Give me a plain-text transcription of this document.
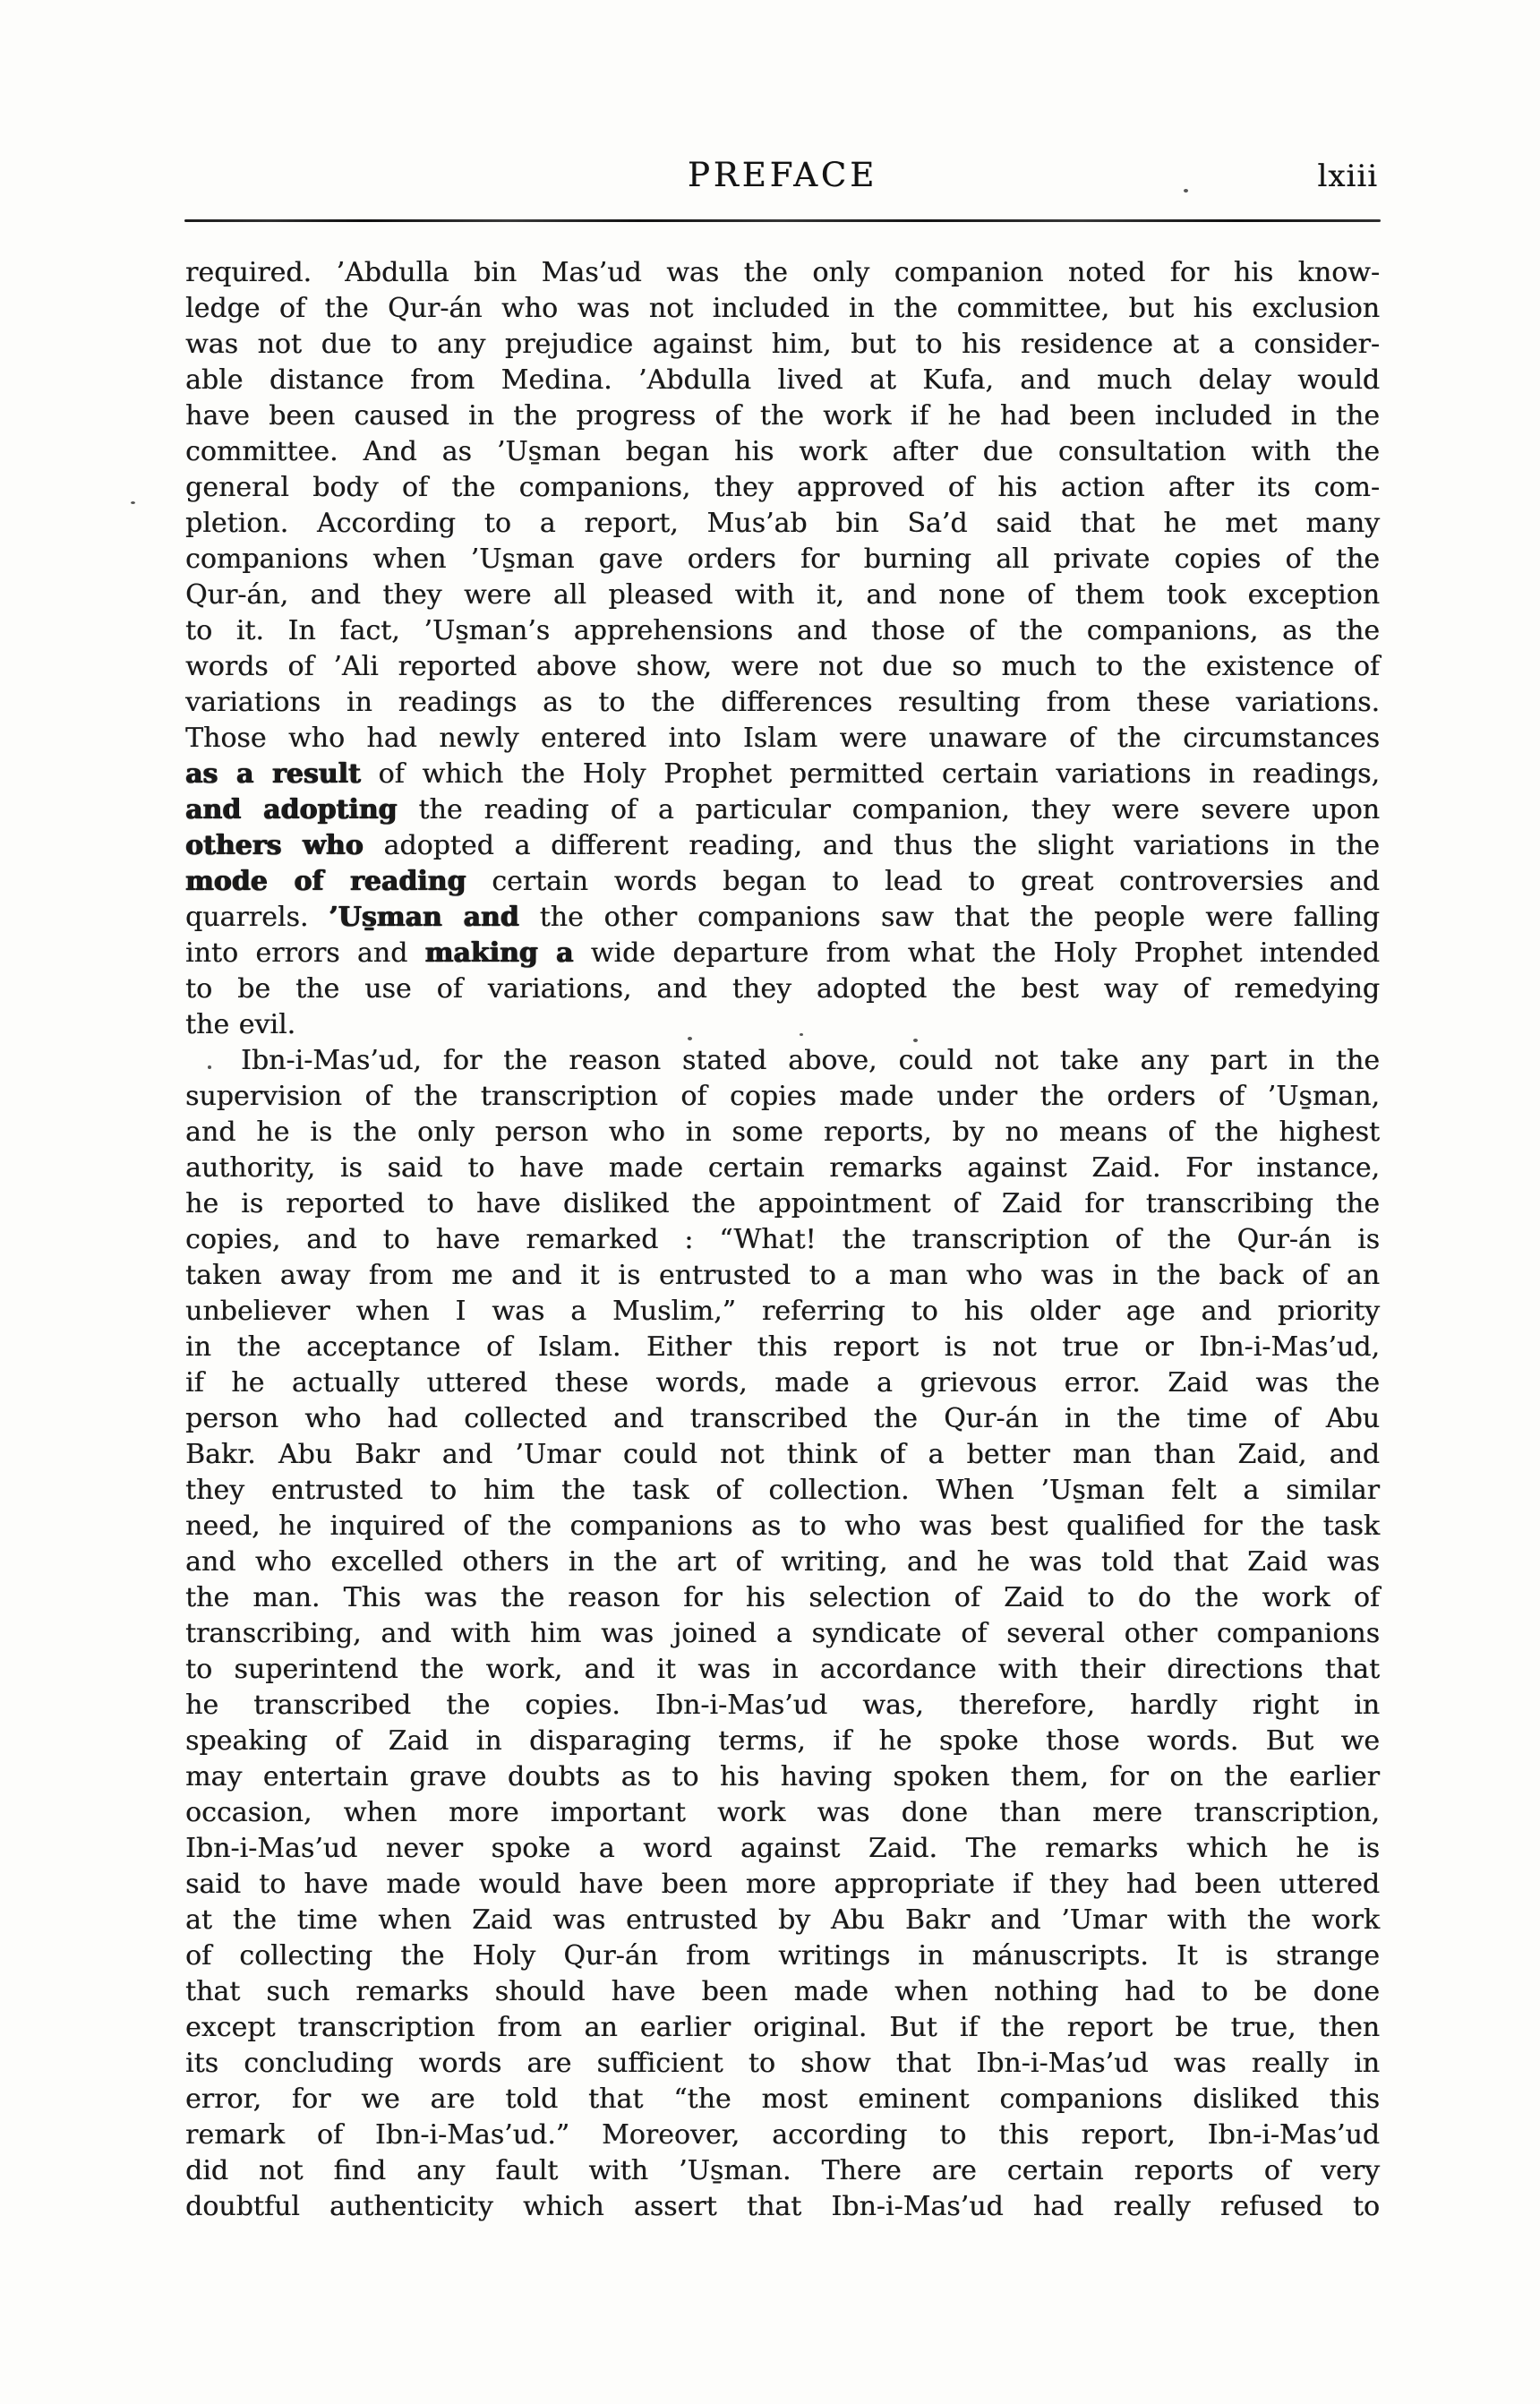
PREFACE	lxiii
required. ’Abdulla bin Mas’ud was the only companion noted for his know-
ledge of the Qur-án who was not included in the committee, but his exclusion
was not due to any prejudice against him, but to his residence at a consider-
able distance from Medina. ’Abdulla lived at Kufa, and much delay would
have been caused in the progress of the work if he had been included in the
committee. And as ’Us̱man began his work after due consultation with the
general body of the companions, they approved of his action after its com-
pletion. According to a report, Mus’ab bin Sa’d said that he met many
companions when ’Us̱man gave orders for burning all private copies of the
Qur-án, and they were all pleased with it, and none of them took exception
to it. In fact, ’Us̱man’s apprehensions and those of the companions, as the
words of ’Ali reported above show, were not due so much to the existence of
variations in readings as to the differences resulting from these variations.
Those who had newly entered into Islam were unaware of the circumstances
as a result of which the Holy Prophet permitted certain variations in readings,
and adopting the reading of a particular companion, they were severe upon
others who adopted a different reading, and thus the slight variations in the
mode of reading certain words began to lead to great controversies and
quarrels. ’Us̱man and the other companions saw that the people were falling
into errors and making a wide departure from what the Holy Prophet intended
to be the use of variations, and they adopted the best way of remedying
the evil.
Ibn-i-Mas’ud, for the reason stated above, could not take any part in the
supervision of the transcription of copies made under the orders of ’Us̱man,
and he is the only person who in some reports, by no means of the highest
authority, is said to have made certain remarks against Zaid. For instance,
he is reported to have disliked the appointment of Zaid for transcribing the
copies, and to have remarked : “What! the transcription of the Qur-án is
taken away from me and it is entrusted to a man who was in the back of an
unbeliever when I was a Muslim,” referring to his older age and priority
in the acceptance of Islam. Either this report is not true or Ibn-i-Mas’ud,
if he actually uttered these words, made a grievous error. Zaid was the
person who had collected and transcribed the Qur-án in the time of Abu
Bakr. Abu Bakr and ’Umar could not think of a better man than Zaid, and
they entrusted to him the task of collection. When ’Us̱man felt a similar
need, he inquired of the companions as to who was best qualified for the task
and who excelled others in the art of writing, and he was told that Zaid was
the man. This was the reason for his selection of Zaid to do the work of
transcribing, and with him was joined a syndicate of several other companions
to superintend the work, and it was in accordance with their directions that
he transcribed the copies. Ibn-i-Mas’ud was, therefore, hardly right in
speaking of Zaid in disparaging terms, if he spoke those words. But we
may entertain grave doubts as to his having spoken them, for on the earlier
occasion, when more important work was done than mere transcription,
Ibn-i-Mas’ud never spoke a word against Zaid. The remarks which he is
said to have made would have been more appropriate if they had been uttered
at the time when Zaid was entrusted by Abu Bakr and ’Umar with the work
of collecting the Holy Qur-án from writings in mánuscripts. It is strange
that such remarks should have been made when nothing had to be done
except transcription from an earlier original. But if the report be true, then
its concluding words are sufficient to show that Ibn-i-Mas’ud was really in
error, for we are told that “the most eminent companions disliked this
remark of Ibn-i-Mas’ud.” Moreover, according to this report, Ibn-i-Mas’ud
did not find any fault with ’Us̱man. There are certain reports of very
doubtful authenticity which assert that Ibn-i-Mas’ud had really refused to
